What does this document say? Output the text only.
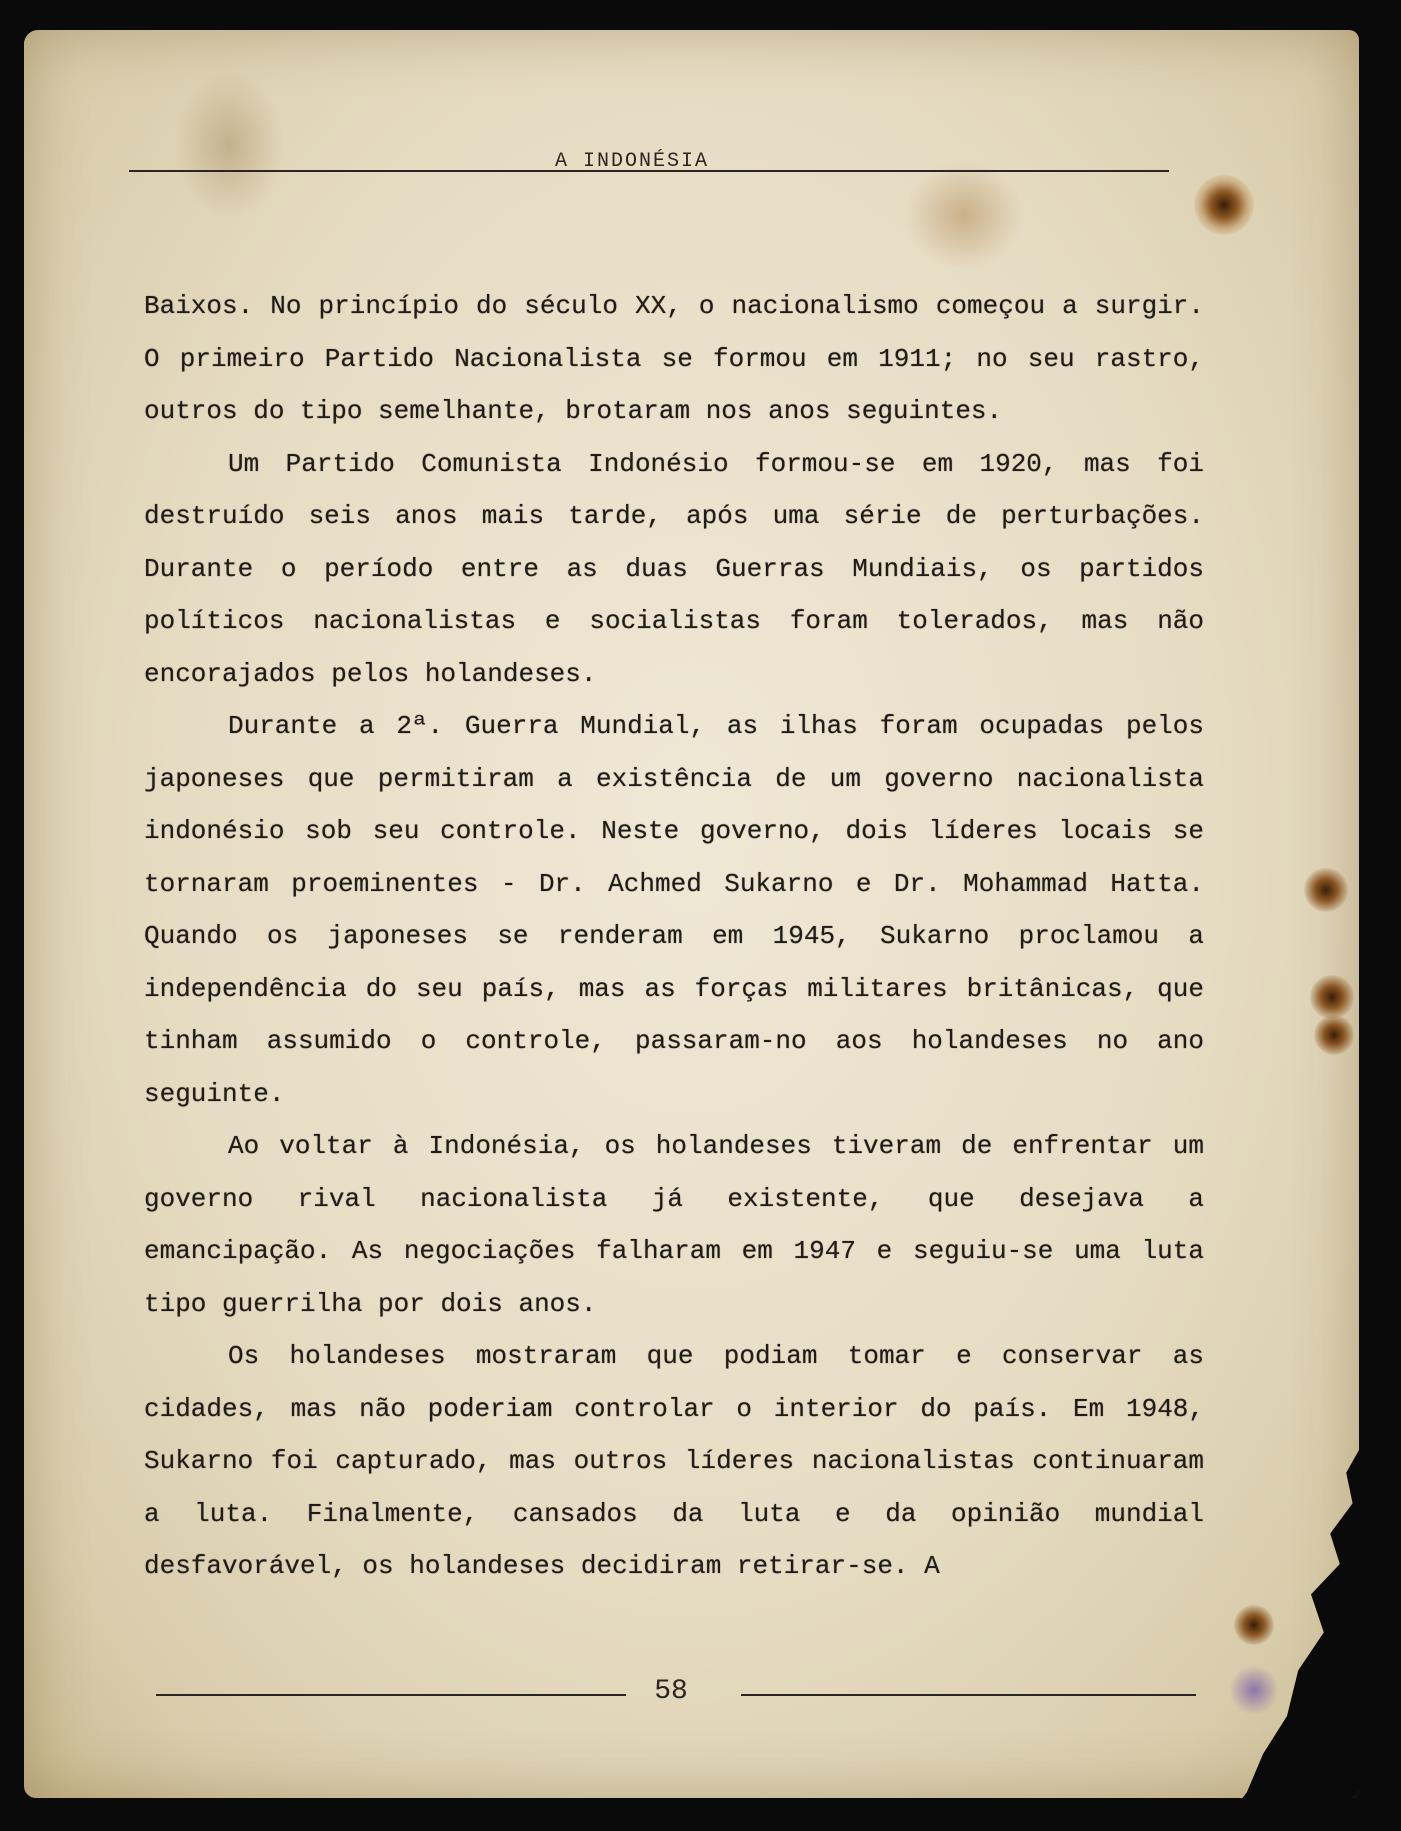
A INDONÉSIA

Baixos. No princípio do século XX, o nacionalismo começou a surgir. O primeiro Partido Nacionalista se formou em 1911; no seu rastro, outros do tipo semelhante, brotaram nos anos seguintes.

Um Partido Comunista Indonésio formou-se em 1920, mas foi destruído seis anos mais tarde, após uma série de perturbações. Durante o período entre as duas Guerras Mundiais, os partidos políticos nacionalistas e socialistas foram tolerados, mas não encorajados pelos holandeses.

Durante a 2ª. Guerra Mundial, as ilhas foram ocupadas pelos japoneses que permitiram a existência de um governo nacionalista indonésio sob seu controle. Neste governo, dois líderes locais se tornaram proeminentes - Dr. Achmed Sukarno e Dr. Mohammad Hatta. Quando os japoneses se renderam em 1945, Sukarno proclamou a independência do seu país, mas as forças militares britânicas, que tinham assumido o controle, passaram-no aos holandeses no ano seguinte.

Ao voltar à Indonésia, os holandeses tiveram de enfrentar um governo rival nacionalista já existente, que desejava a emancipação. As negociações falharam em 1947 e seguiu-se uma luta tipo guerrilha por dois anos.

Os holandeses mostraram que podiam tomar e conservar as cidades, mas não poderiam controlar o interior do país. Em 1948, Sukarno foi capturado, mas outros líderes nacionalistas continuaram a luta. Finalmente, cansados da luta e da opinião mundial desfavorável, os holandeses decidiram retirar-se. A

58
